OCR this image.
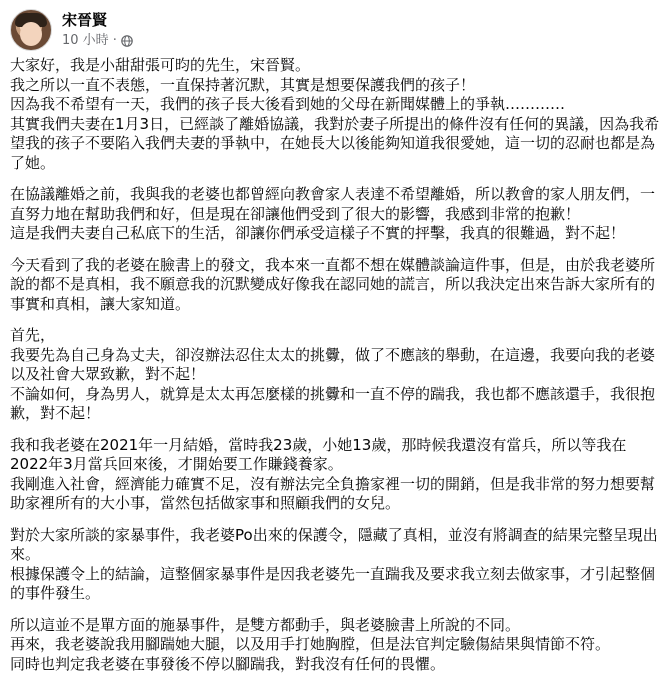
宋晉賢
10 小時 ·
大家好，我是小甜甜張可昀的先生，宋晉賢。
我之所以一直不表態，一直保持著沉默，其實是想要保護我們的孩子！
因為我不希望有一天，我們的孩子長大後看到她的父母在新聞媒體上的爭執…………
其實我們夫妻在1月3日，已經談了離婚協議，我對於妻子所提出的條件沒有任何的異議，因為我希望我的孩子不要陷入我們夫妻的爭執中，在她長大以後能夠知道我很愛她，這一切的忍耐也都是為了她。
在協議離婚之前，我與我的老婆也都曾經向教會家人表達不希望離婚，所以教會的家人朋友們，一直努力地在幫助我們和好，但是現在卻讓他們受到了很大的影響，我感到非常的抱歉！
這是我們夫妻自己私底下的生活，卻讓你們承受這樣子不實的抨擊，我真的很難過，對不起！
今天看到了我的老婆在臉書上的發文，我本來一直都不想在媒體談論這件事，但是，由於我老婆所說的都不是真相，我不願意我的沉默變成好像我在認同她的謊言，所以我決定出來告訴大家所有的事實和真相，讓大家知道。
首先，
我要先為自己身為丈夫，卻沒辦法忍住太太的挑釁，做了不應該的舉動，在這邊，我要向我的老婆以及社會大眾致歉，對不起！
不論如何，身為男人，就算是太太再怎麼樣的挑釁和一直不停的踹我，我也都不應該還手，我很抱歉，對不起！
我和我老婆在2021年一月結婚，當時我23歲，小她13歲，那時候我還沒有當兵，所以等我在2022年3月當兵回來後，才開始要工作賺錢養家。
我剛進入社會，經濟能力確實不足，沒有辦法完全負擔家裡一切的開銷，但是我非常的努力想要幫助家裡所有的大小事，當然包括做家事和照顧我們的女兒。
對於大家所談的家暴事件，我老婆Po出來的保護令，隱藏了真相，並沒有將調查的結果完整呈現出來。
根據保護令上的結論，這整個家暴事件是因我老婆先一直踹我及要求我立刻去做家事，才引起整個的事件發生。
所以這並不是單方面的施暴事件，是雙方都動手，與老婆臉書上所說的不同。
再來，我老婆說我用腳踹她大腿，以及用手打她胸膛，但是法官判定驗傷結果與情節不符。
同時也判定我老婆在事發後不停以腳踹我，對我沒有任何的畏懼。
